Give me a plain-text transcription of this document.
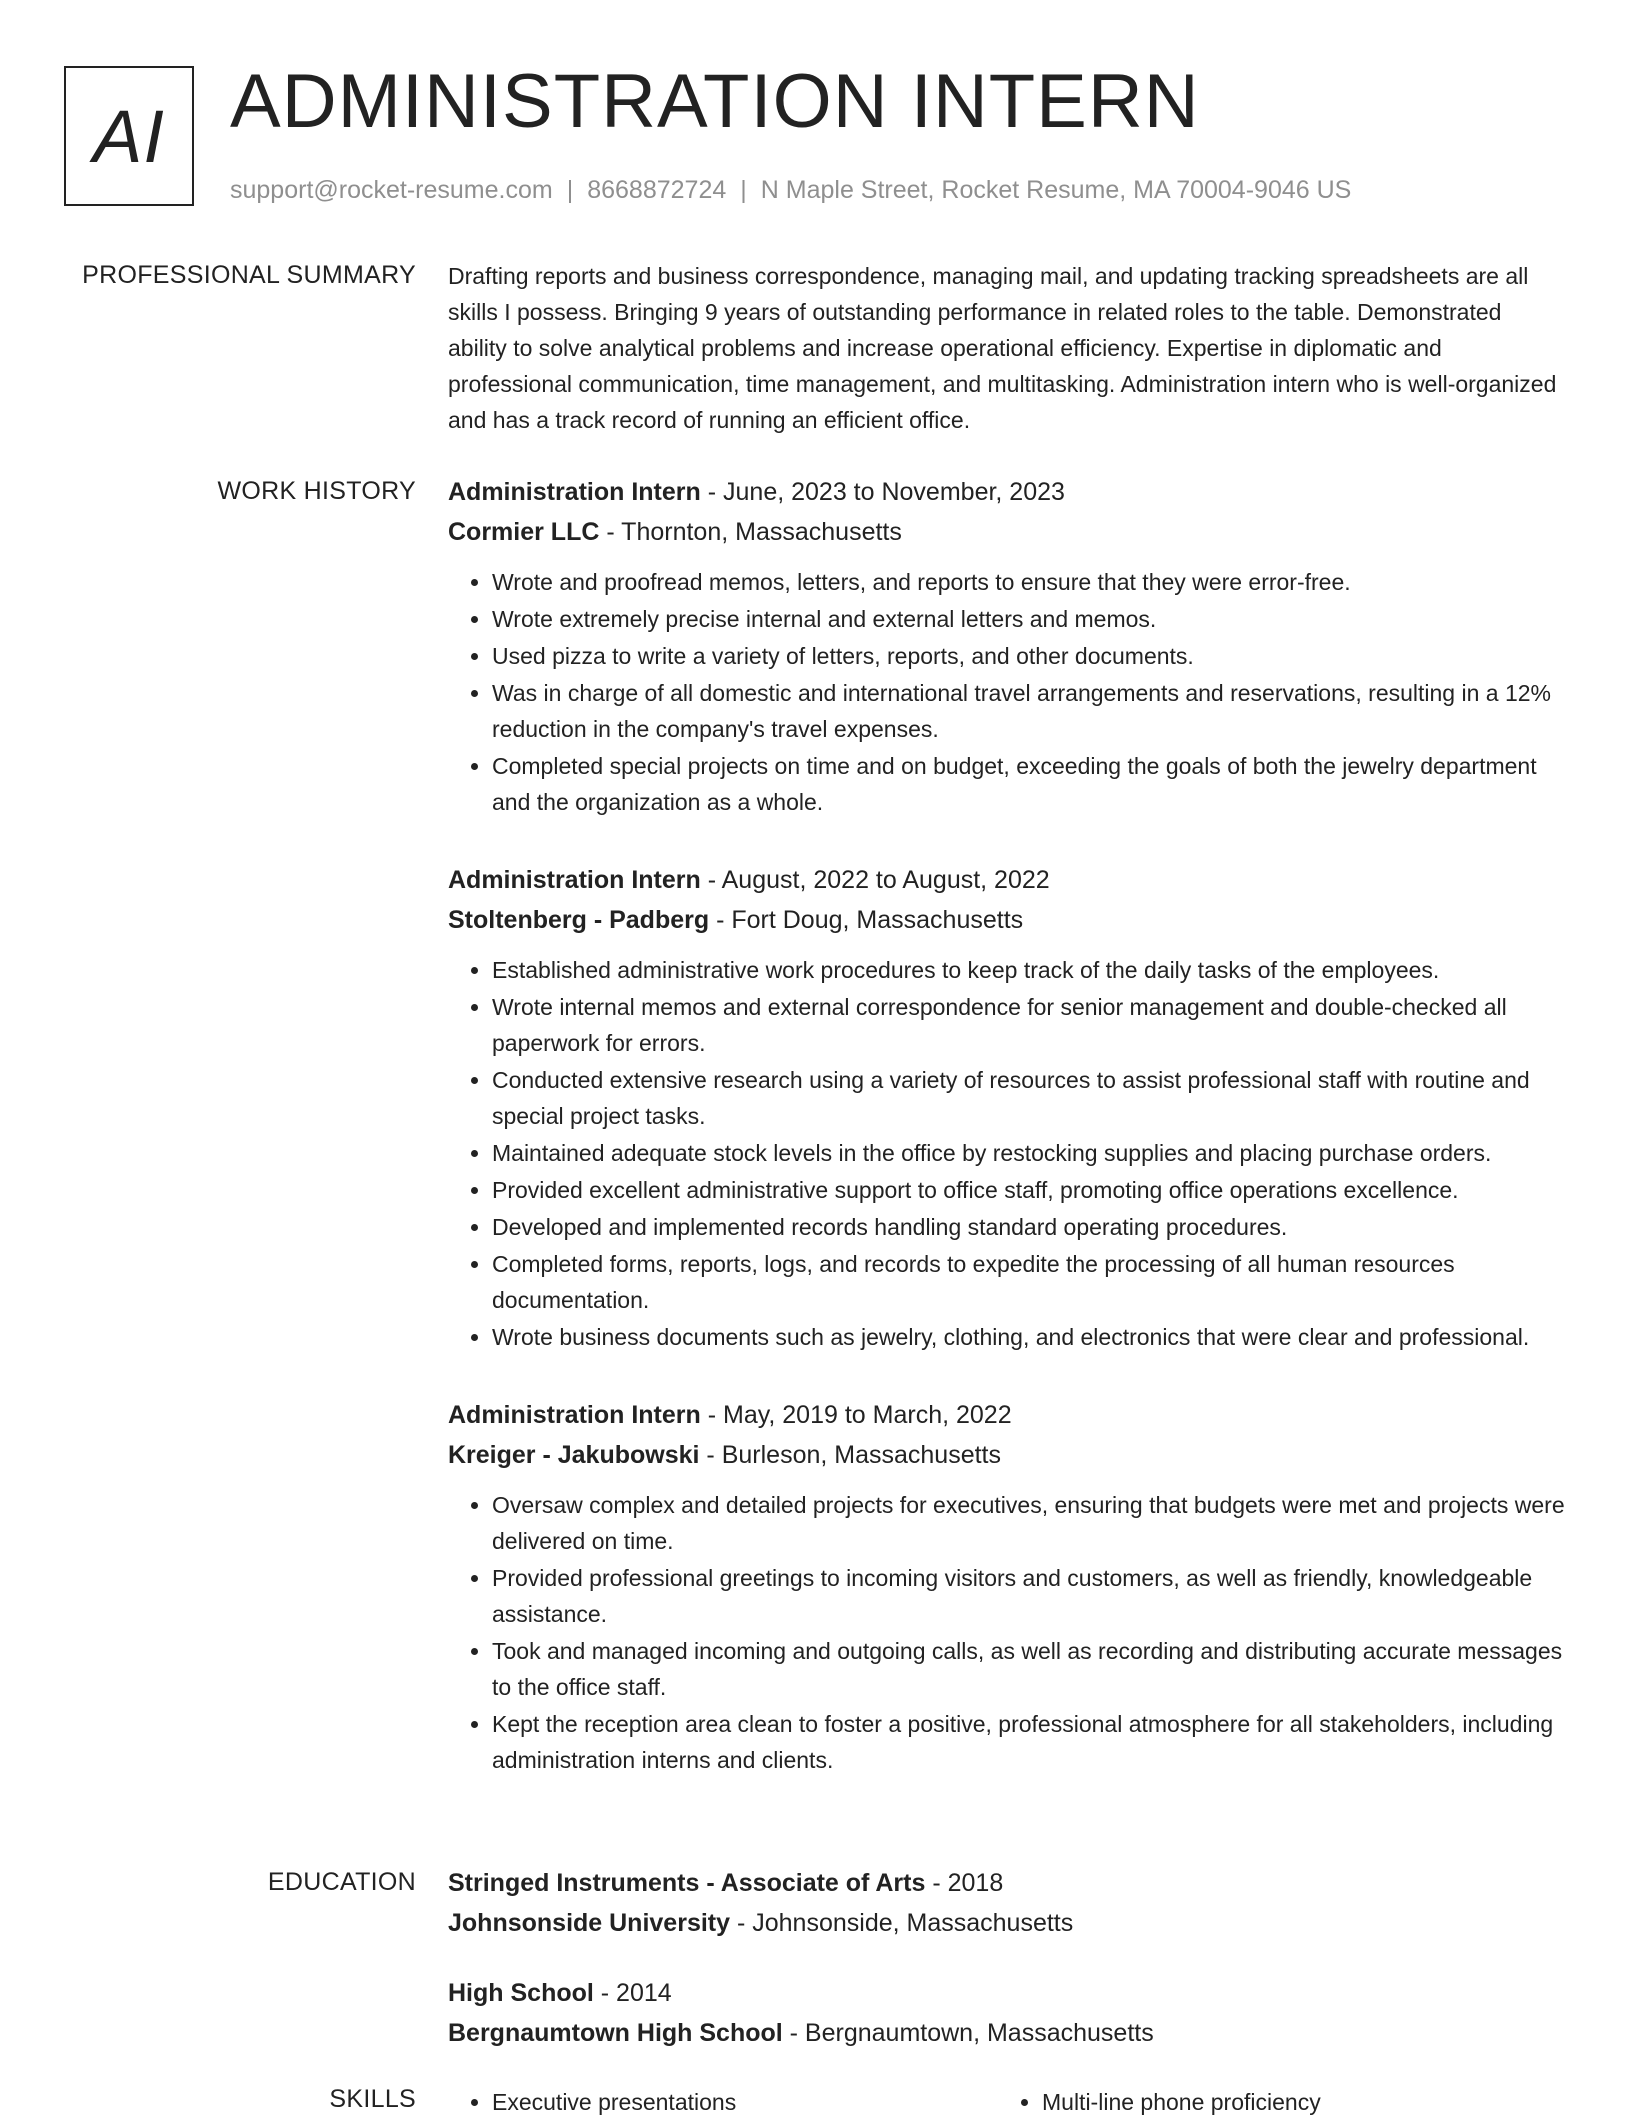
AI ADMINISTRATION INTERN
support@rocket-resume.com | 8668872724 | N Maple Street, Rocket Resume, MA 70004-9046 US
PROFESSIONAL SUMMARY Drafting reports and business correspondence, managing mail, and updating tracking spreadsheets are all skills I possess. Bringing 9 years of outstanding performance in related roles to the table. Demonstrated ability to solve analytical problems and increase operational efficiency. Expertise in diplomatic and professional communication, time management, and multitasking. Administration intern who is well-organized and has a track record of running an efficient office.

WORK HISTORY Administration Intern - June, 2023 to November, 2023
Cormier LLC - Thornton, Massachusetts
• Wrote and proofread memos, letters, and reports to ensure that they were error-free.
• Wrote extremely precise internal and external letters and memos.
• Used pizza to write a variety of letters, reports, and other documents.
• Was in charge of all domestic and international travel arrangements and reservations, resulting in a 12% reduction in the company's travel expenses.
• Completed special projects on time and on budget, exceeding the goals of both the jewelry department and the organization as a whole.
Administration Intern - August, 2022 to August, 2022
Stoltenberg - Padberg - Fort Doug, Massachusetts
• Established administrative work procedures to keep track of the daily tasks of the employees.
• Wrote internal memos and external correspondence for senior management and double-checked all paperwork for errors.
• Conducted extensive research using a variety of resources to assist professional staff with routine and special project tasks.
• Maintained adequate stock levels in the office by restocking supplies and placing purchase orders.
• Provided excellent administrative support to office staff, promoting office operations excellence.
• Developed and implemented records handling standard operating procedures.
• Completed forms, reports, logs, and records to expedite the processing of all human resources documentation.
• Wrote business documents such as jewelry, clothing, and electronics that were clear and professional.
Administration Intern - May, 2019 to March, 2022
Kreiger - Jakubowski - Burleson, Massachusetts
• Oversaw complex and detailed projects for executives, ensuring that budgets were met and projects were delivered on time.
• Provided professional greetings to incoming visitors and customers, as well as friendly, knowledgeable assistance.
• Took and managed incoming and outgoing calls, as well as recording and distributing accurate messages to the office staff.
• Kept the reception area clean to foster a positive, professional atmosphere for all stakeholders, including administration interns and clients.
EDUCATION Stringed Instruments - Associate of Arts - 2018
Johnsonside University - Johnsonside, Massachusetts
High School - 2014
Bergnaumtown High School - Bergnaumtown, Massachusetts
SKILLS	• Executive presentations	• Multi-line phone proficiency
